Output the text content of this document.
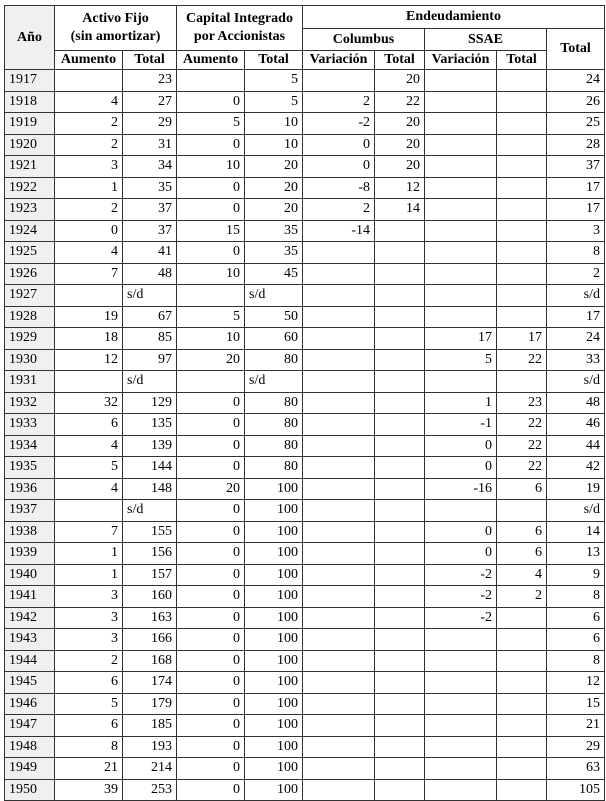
Año	Activo Fijo
(sin amortizar)		Capital Integrado
por Accionistas		Endeudamiento				
					Columbus		SSAE		Total
	Aumento	Total	Aumento	Total	Variación	Total	Variación	Total	
1917		23		5		20			24
1918	4	27	0	5	2	22			26
1919	2	29	5	10	-2	20			25
1920	2	31	0	10	0	20			28
1921	3	34	10	20	0	20			37
1922	1	35	0	20	-8	12			17
1923	2	37	0	20	2	14			17
1924	0	37	15	35	-14				3
1925	4	41	0	35					8
1926	7	48	10	45					2
1927		s/d		s/d					s/d
1928	19	67	5	50					17
1929	18	85	10	60			17	17	24
1930	12	97	20	80			5	22	33
1931		s/d		s/d					s/d
1932	32	129	0	80			1	23	48
1933	6	135	0	80			-1	22	46
1934	4	139	0	80			0	22	44
1935	5	144	0	80			0	22	42
1936	4	148	20	100			-16	6	19
1937		s/d	0	100					s/d
1938	7	155	0	100			0	6	14
1939	1	156	0	100			0	6	13
1940	1	157	0	100			-2	4	9
1941	3	160	0	100			-2	2	8
1942	3	163	0	100			-2		6
1943	3	166	0	100					6
1944	2	168	0	100					8
1945	6	174	0	100					12
1946	5	179	0	100					15
1947	6	185	0	100					21
1948	8	193	0	100					29
1949	21	214	0	100					63
1950	39	253	0	100					105
